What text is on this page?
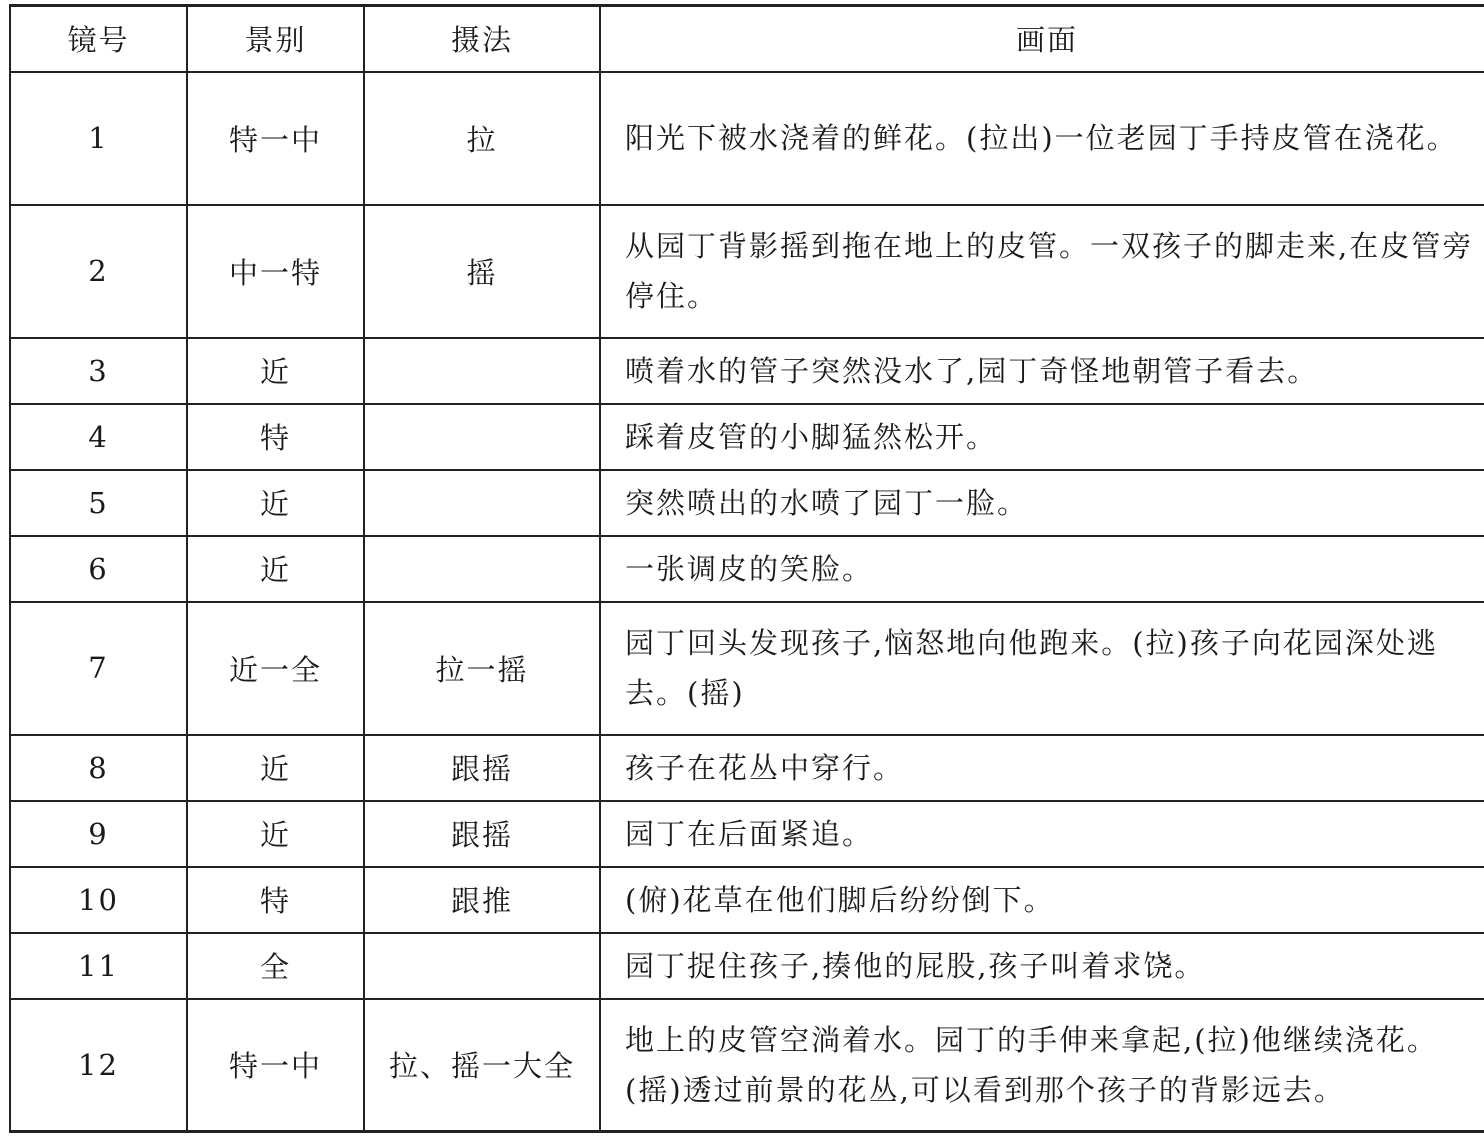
镜号	景别	摄法	画面
1	特一中	拉	阳光下被水浇着的鲜花。(拉出)一位老园丁手持皮管在浇花。
2	中一特	摇	从园丁背影摇到拖在地上的皮管。一双孩子的脚走来,在皮管旁停住。
3	近		喷着水的管子突然没水了,园丁奇怪地朝管子看去。
4	特		踩着皮管的小脚猛然松开。
5	近		突然喷出的水喷了园丁一脸。
6	近		一张调皮的笑脸。
7	近一全	拉一摇	园丁回头发现孩子,恼怒地向他跑来。(拉)孩子向花园深处逃去。(摇)
8	近	跟摇	孩子在花丛中穿行。
9	近	跟摇	园丁在后面紧追。
10	特	跟推	(俯)花草在他们脚后纷纷倒下。
11	全		园丁捉住孩子,揍他的屁股,孩子叫着求饶。
12	特一中	拉、摇一大全	地上的皮管空淌着水。园丁的手伸来拿起,(拉)他继续浇花。(摇)透过前景的花丛,可以看到那个孩子的背影远去。
